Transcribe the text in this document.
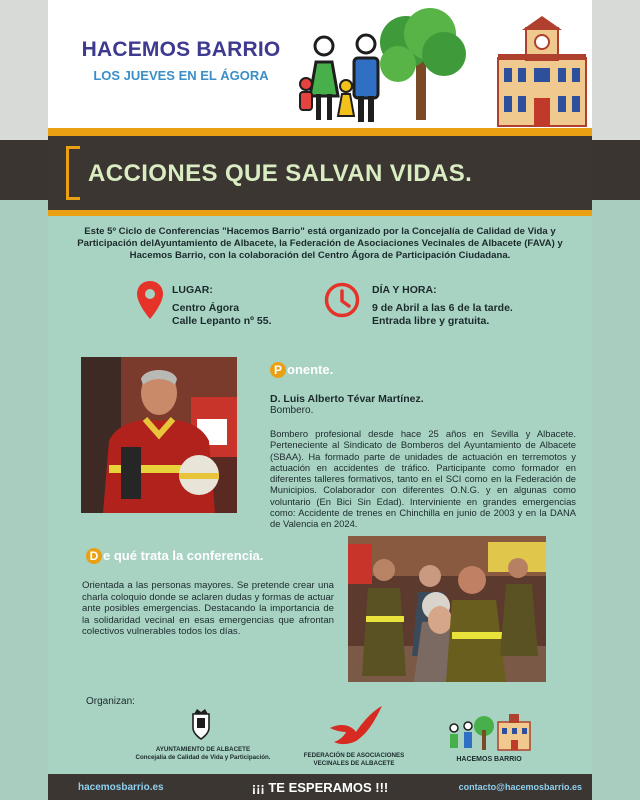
HACEMOS BARRIO
LOS JUEVES EN EL ÁGORA
ACCIONES QUE SALVAN VIDAS.
Este 5º Ciclo de Conferencias "Hacemos Barrio" está organizado por la Concejalía de Calidad de Vida y Participación delAyuntamiento de Albacete, la Federación de Asociaciones Vecinales de Albacete (FAVA) y Hacemos Barrio, con la colaboración del Centro Ágora de Participación Ciudadana.
LUGAR:
Centro Ágora
Calle Lepanto nº 55.
DÍA Y HORA:
9 de Abril a las 6 de la tarde.
Entrada libre y gratuita.
P onente.
D. Luis Alberto Tévar Martínez.
Bombero.
Bombero profesional desde hace 25 años en Sevilla y Albacete. Perteneciente al Sindicato de Bomberos del Ayuntamiento de Albacete (SBAA). Ha formado parte de unidades de actuación en terremotos y actuación en accidentes de tráfico. Participante como formador en diferentes talleres formativos, tanto en el SCI como en la Federación de Municipios. Colaborador con diferentes O.N.G. y en algunas como voluntario (En Bici Sin Edad). Interviniente en grandes emergencias como: Accidente de trenes en Chinchilla en junio de 2003 y en la DANA de Valencia en 2024.
D e qué trata la conferencia.
Orientada a las personas mayores. Se pretende crear una charla coloquio donde se aclaren dudas y formas de actuar ante posibles emergencias. Destacando la importancia de la solidaridad vecinal en esas emergencias que afrontan colectivos vulnerables todos los días.
Organizan:
AYUNTAMIENTO DE ALBACETE
Concejalía de Calidad de Vida y Participación.	FEDERACIÓN DE ASOCIACIONES
VECINALES DE ALBACETE	HACEMOS BARRIO
hacemosbarrio.es	¡¡¡ TE ESPERAMOS !!!	contacto@hacemosbarrio.es
